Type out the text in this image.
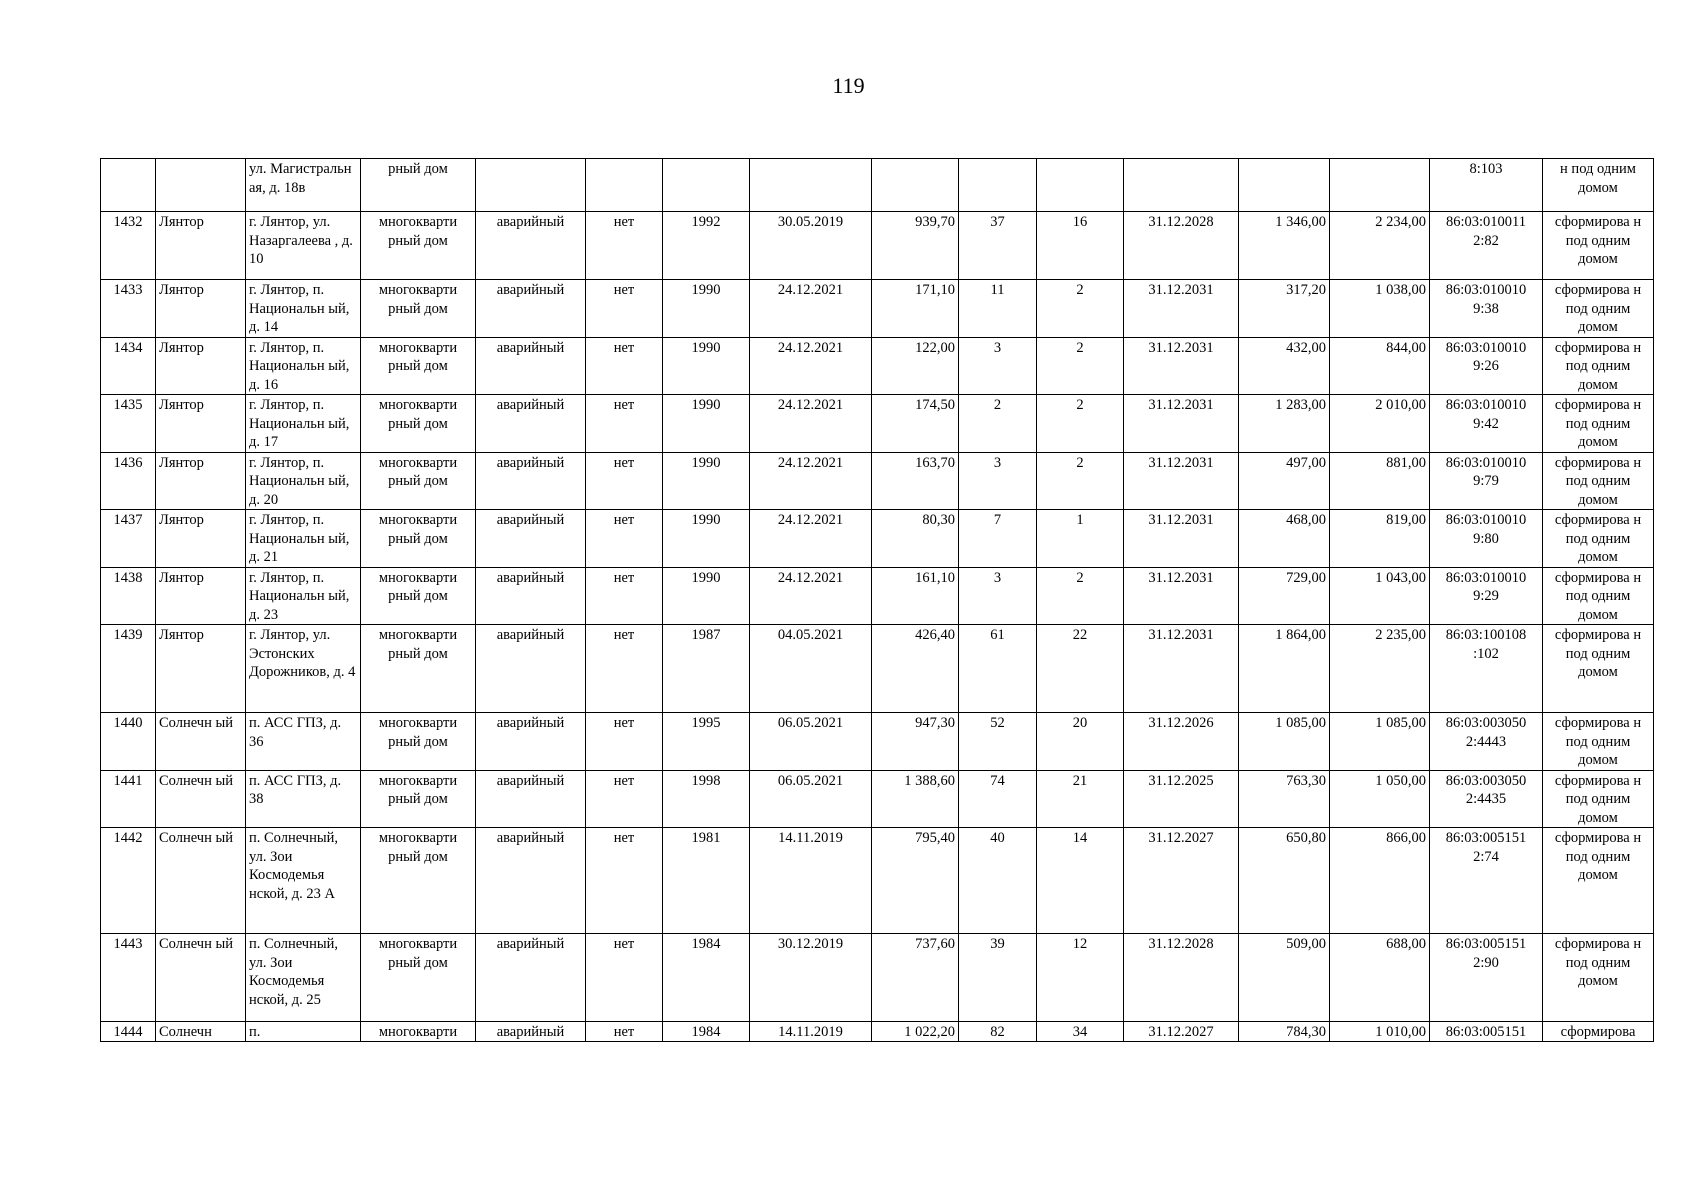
119
		ул. Магистральн ая, д. 18в	рный дом											8:103	н под одним домом
1432	Лянтор	г. Лянтор, ул. Назаргалеева , д. 10	многокварти рный дом	аварийный	нет	1992	30.05.2019	939,70	37	16	31.12.2028	1 346,00	2 234,00	86:03:010011 2:82	сформирова н под одним домом
1433	Лянтор	г. Лянтор, п. Национальн ый, д. 14	многокварти рный дом	аварийный	нет	1990	24.12.2021	171,10	11	2	31.12.2031	317,20	1 038,00	86:03:010010 9:38	сформирова н под одним домом
1434	Лянтор	г. Лянтор, п. Национальн ый, д. 16	многокварти рный дом	аварийный	нет	1990	24.12.2021	122,00	3	2	31.12.2031	432,00	844,00	86:03:010010 9:26	сформирова н под одним домом
1435	Лянтор	г. Лянтор, п. Национальн ый, д. 17	многокварти рный дом	аварийный	нет	1990	24.12.2021	174,50	2	2	31.12.2031	1 283,00	2 010,00	86:03:010010 9:42	сформирова н под одним домом
1436	Лянтор	г. Лянтор, п. Национальн ый, д. 20	многокварти рный дом	аварийный	нет	1990	24.12.2021	163,70	3	2	31.12.2031	497,00	881,00	86:03:010010 9:79	сформирова н под одним домом
1437	Лянтор	г. Лянтор, п. Национальн ый, д. 21	многокварти рный дом	аварийный	нет	1990	24.12.2021	80,30	7	1	31.12.2031	468,00	819,00	86:03:010010 9:80	сформирова н под одним домом
1438	Лянтор	г. Лянтор, п. Национальн ый, д. 23	многокварти рный дом	аварийный	нет	1990	24.12.2021	161,10	3	2	31.12.2031	729,00	1 043,00	86:03:010010 9:29	сформирова н под одним домом
1439	Лянтор	г. Лянтор, ул. Эстонских Дорожников, д. 4	многокварти рный дом	аварийный	нет	1987	04.05.2021	426,40	61	22	31.12.2031	1 864,00	2 235,00	86:03:100108 :102	сформирова н под одним домом
1440	Солнечн ый	п. АСС ГПЗ, д. 36	многокварти рный дом	аварийный	нет	1995	06.05.2021	947,30	52	20	31.12.2026	1 085,00	1 085,00	86:03:003050 2:4443	сформирова н под одним домом
1441	Солнечн ый	п. АСС ГПЗ, д. 38	многокварти рный дом	аварийный	нет	1998	06.05.2021	1 388,60	74	21	31.12.2025	763,30	1 050,00	86:03:003050 2:4435	сформирова н под одним домом
1442	Солнечн ый	п. Солнечный, ул. Зои Космодемья нской, д. 23 А	многокварти рный дом	аварийный	нет	1981	14.11.2019	795,40	40	14	31.12.2027	650,80	866,00	86:03:005151 2:74	сформирова н под одним домом
1443	Солнечн ый	п. Солнечный, ул. Зои Космодемья нской, д. 25	многокварти рный дом	аварийный	нет	1984	30.12.2019	737,60	39	12	31.12.2028	509,00	688,00	86:03:005151 2:90	сформирова н под одним домом

1444	Солнечн	п.	многокварти	аварийный	нет	1984	14.11.2019	1 022,20	82	34	31.12.2027	784,30	1 010,00	86:03:005151	сформирова
